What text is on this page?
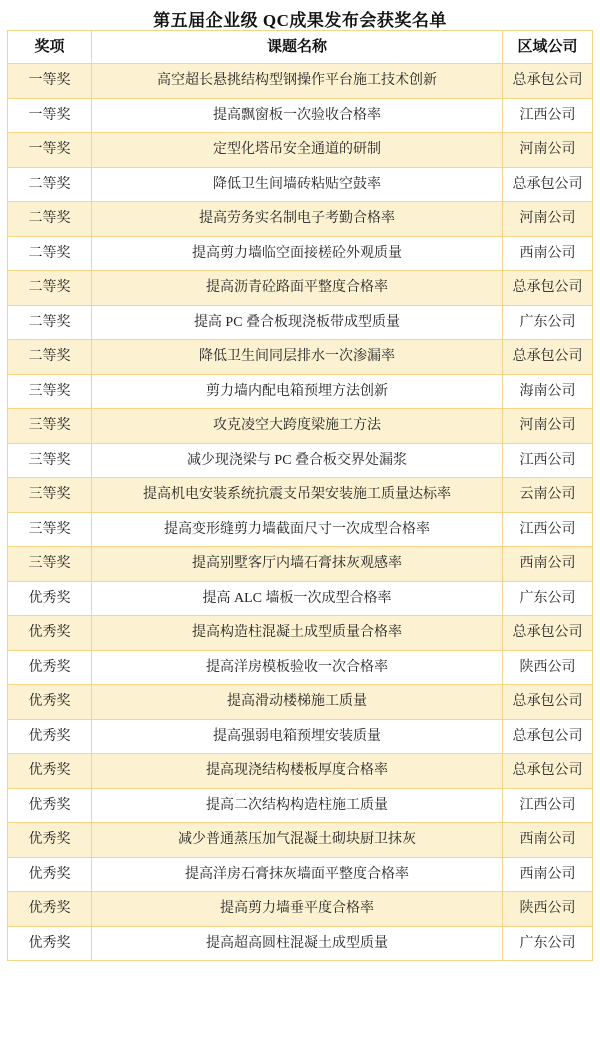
第五届企业级 QC成果发布会获奖名单
奖项	课题名称	区域公司
一等奖	高空超长悬挑结构型钢操作平台施工技术创新	总承包公司
一等奖	提高飘窗板一次验收合格率	江西公司
一等奖	定型化塔吊安全通道的研制	河南公司
二等奖	降低卫生间墙砖粘贴空鼓率	总承包公司
二等奖	提高劳务实名制电子考勤合格率	河南公司
二等奖	提高剪力墙临空面接槎砼外观质量	西南公司
二等奖	提高沥青砼路面平整度合格率	总承包公司
二等奖	提高 PC 叠合板现浇板带成型质量	广东公司
二等奖	降低卫生间同层排水一次渗漏率	总承包公司
三等奖	剪力墙内配电箱预埋方法创新	海南公司
三等奖	攻克凌空大跨度梁施工方法	河南公司
三等奖	减少现浇梁与 PC 叠合板交界处漏浆	江西公司
三等奖	提高机电安装系统抗震支吊架安装施工质量达标率	云南公司
三等奖	提高变形缝剪力墙截面尺寸一次成型合格率	江西公司
三等奖	提高别墅客厅内墙石膏抹灰观感率	西南公司
优秀奖	提高 ALC 墙板一次成型合格率	广东公司
优秀奖	提高构造柱混凝土成型质量合格率	总承包公司
优秀奖	提高洋房模板验收一次合格率	陕西公司
优秀奖	提高滑动楼梯施工质量	总承包公司
优秀奖	提高强弱电箱预埋安装质量	总承包公司
优秀奖	提高现浇结构楼板厚度合格率	总承包公司
优秀奖	提高二次结构构造柱施工质量	江西公司
优秀奖	减少普通蒸压加气混凝土砌块厨卫抹灰	西南公司
优秀奖	提高洋房石膏抹灰墙面平整度合格率	西南公司
优秀奖	提高剪力墙垂平度合格率	陕西公司
优秀奖	提高超高圆柱混凝土成型质量	广东公司
